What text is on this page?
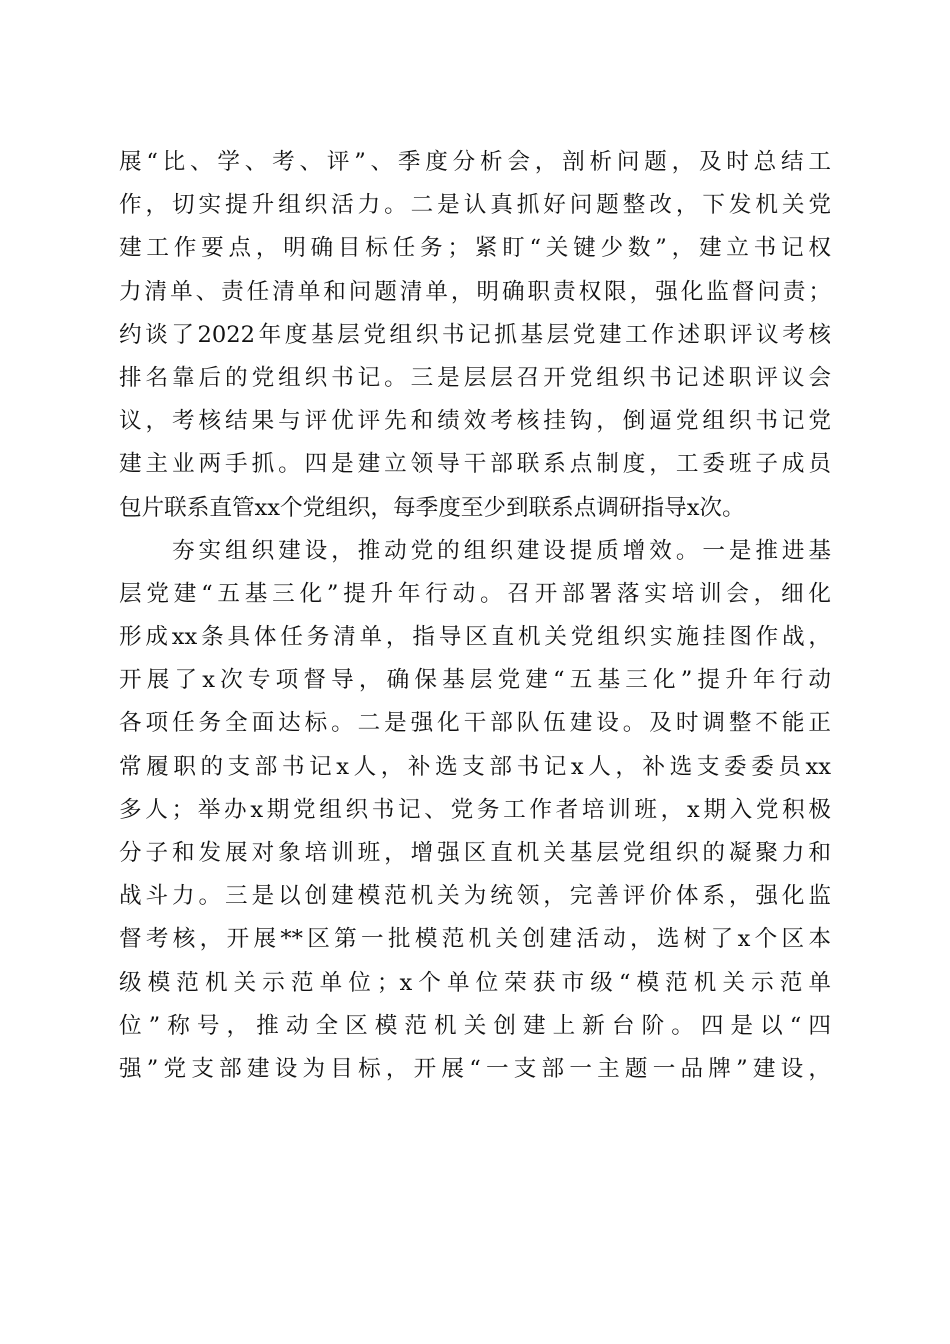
展“比、学、考、评”、季度分析会，剖析问题，及时总结工
作，切实提升组织活力。二是认真抓好问题整改，下发机关党
建工作要点，明确目标任务；紧盯“关键少数”，建立书记权
力清单、责任清单和问题清单，明确职责权限，强化监督问责；
约谈了2022年度基层党组织书记抓基层党建工作述职评议考核
排名靠后的党组织书记。三是层层召开党组织书记述职评议会
议，考核结果与评优评先和绩效考核挂钩，倒逼党组织书记党
建主业两手抓。四是建立领导干部联系点制度，工委班子成员
包片联系直管xx个党组织，每季度至少到联系点调研指导x次。
　　夯实组织建设，推动党的组织建设提质增效。一是推进基
层党建“五基三化”提升年行动。召开部署落实培训会，细化
形成xx条具体任务清单，指导区直机关党组织实施挂图作战，
开展了x次专项督导，确保基层党建“五基三化”提升年行动
各项任务全面达标。二是强化干部队伍建设。及时调整不能正
常履职的支部书记x人，补选支部书记x人，补选支委委员xx
多人；举办x期党组织书记、党务工作者培训班，x期入党积极
分子和发展对象培训班，增强区直机关基层党组织的凝聚力和
战斗力。三是以创建模范机关为统领，完善评价体系，强化监
督考核，开展**区第一批模范机关创建活动，选树了x个区本
级模范机关示范单位；x个单位荣获市级“模范机关示范单
位”称号，推动全区模范机关创建上新台阶。四是以“四
强”党支部建设为目标，开展“一支部一主题一品牌”建设，
